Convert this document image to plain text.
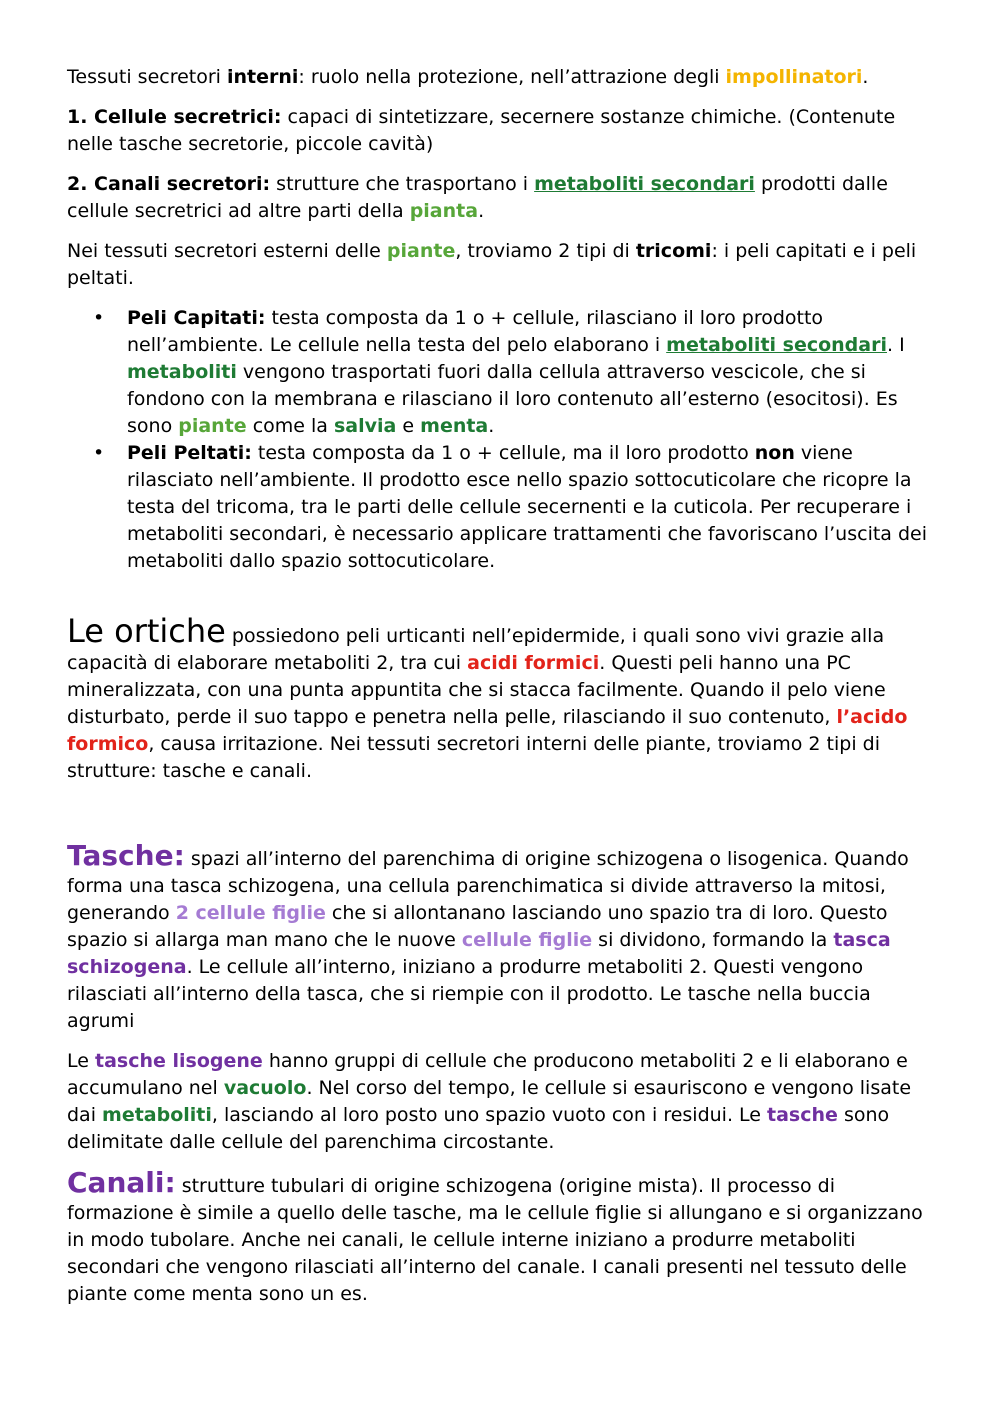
Tessuti secretori interni: ruolo nella protezione, nell’attrazione degli impollinatori.

1. Cellule secretrici: capaci di sintetizzare, secernere sostanze chimiche. (Contenute nelle tasche secretorie, piccole cavità)

2. Canali secretori: strutture che trasportano i metaboliti secondari prodotti dalle cellule secretrici ad altre parti della pianta.

Nei tessuti secretori esterni delle piante, troviamo 2 tipi di tricomi: i peli capitati e i peli peltati.

• Peli Capitati: testa composta da 1 o + cellule, rilasciano il loro prodotto nell’ambiente. Le cellule nella testa del pelo elaborano i metaboliti secondari. I metaboliti vengono trasportati fuori dalla cellula attraverso vescicole, che si fondono con la membrana e rilasciano il loro contenuto all’esterno (esocitosi). Es sono piante come la salvia e menta.
• Peli Peltati: testa composta da 1 o + cellule, ma il loro prodotto non viene rilasciato nell’ambiente. Il prodotto esce nello spazio sottocuticolare che ricopre la testa del tricoma, tra le parti delle cellule secernenti e la cuticola. Per recuperare i metaboliti secondari, è necessario applicare trattamenti che favoriscano l’uscita dei metaboliti dallo spazio sottocuticolare.

Le ortiche possiedono peli urticanti nell’epidermide, i quali sono vivi grazie alla capacità di elaborare metaboliti 2, tra cui acidi formici. Questi peli hanno una PC mineralizzata, con una punta appuntita che si stacca facilmente. Quando il pelo viene disturbato, perde il suo tappo e penetra nella pelle, rilasciando il suo contenuto, l’acido formico, causa irritazione. Nei tessuti secretori interni delle piante, troviamo 2 tipi di strutture: tasche e canali.

Tasche: spazi all’interno del parenchima di origine schizogena o lisogenica. Quando forma una tasca schizogena, una cellula parenchimatica si divide attraverso la mitosi, generando 2 cellule figlie che si allontanano lasciando uno spazio tra di loro. Questo spazio si allarga man mano che le nuove cellule figlie si dividono, formando la tasca schizogena. Le cellule all’interno, iniziano a produrre metaboliti 2. Questi vengono rilasciati all’interno della tasca, che si riempie con il prodotto. Le tasche nella buccia agrumi

Le tasche lisogene hanno gruppi di cellule che producono metaboliti 2 e li elaborano e accumulano nel vacuolo. Nel corso del tempo, le cellule si esauriscono e vengono lisate dai metaboliti, lasciando al loro posto uno spazio vuoto con i residui. Le tasche sono delimitate dalle cellule del parenchima circostante.

Canali: strutture tubulari di origine schizogena (origine mista). Il processo di formazione è simile a quello delle tasche, ma le cellule figlie si allungano e si organizzano in modo tubolare. Anche nei canali, le cellule interne iniziano a produrre metaboliti secondari che vengono rilasciati all’interno del canale. I canali presenti nel tessuto delle piante come menta sono un es.
